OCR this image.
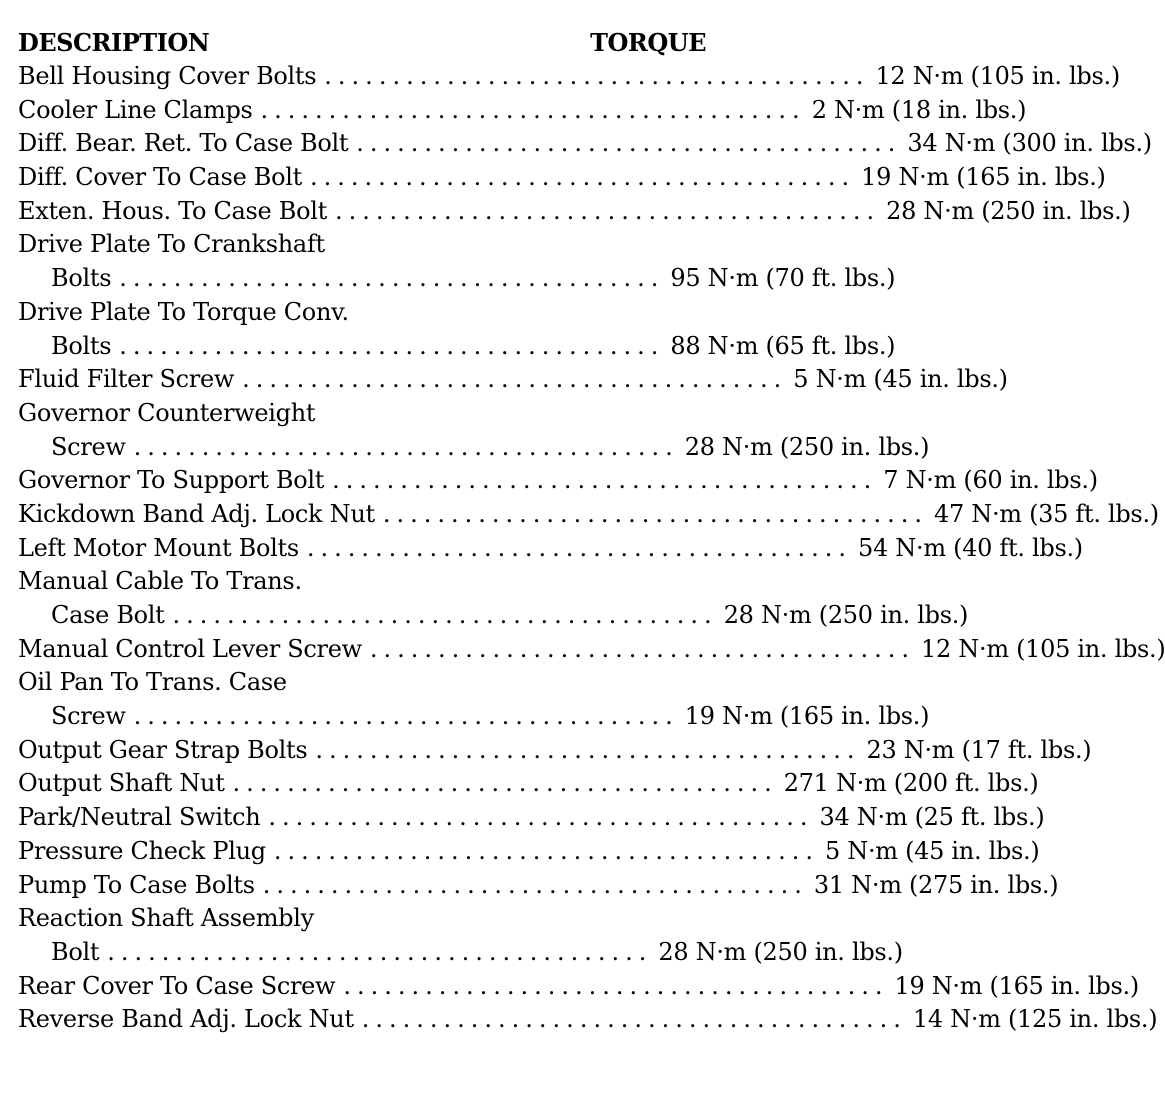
DESCRIPTION	TORQUE
Bell Housing Cover Bolts ........................................ 12 N·m (105 in. lbs.)
Cooler Line Clamps ........................................ 2 N·m (18 in. lbs.)
Diff. Bear. Ret. To Case Bolt ........................................ 34 N·m (300 in. lbs.)
Diff. Cover To Case Bolt ........................................ 19 N·m (165 in. lbs.)
Exten. Hous. To Case Bolt ........................................ 28 N·m (250 in. lbs.)
Drive Plate To Crankshaft
Bolts ........................................ 95 N·m (70 ft. lbs.)
Drive Plate To Torque Conv.
Bolts ........................................ 88 N·m (65 ft. lbs.)
Fluid Filter Screw ........................................ 5 N·m (45 in. lbs.)
Governor Counterweight
Screw ........................................ 28 N·m (250 in. lbs.)
Governor To Support Bolt ........................................ 7 N·m (60 in. lbs.)
Kickdown Band Adj. Lock Nut ........................................ 47 N·m (35 ft. lbs.)
Left Motor Mount Bolts ........................................ 54 N·m (40 ft. lbs.)
Manual Cable To Trans.
Case Bolt ........................................ 28 N·m (250 in. lbs.)
Manual Control Lever Screw ........................................ 12 N·m (105 in. lbs.)
Oil Pan To Trans. Case
Screw ........................................ 19 N·m (165 in. lbs.)
Output Gear Strap Bolts ........................................ 23 N·m (17 ft. lbs.)
Output Shaft Nut ........................................ 271 N·m (200 ft. lbs.)
Park/Neutral Switch ........................................ 34 N·m (25 ft. lbs.)
Pressure Check Plug ........................................ 5 N·m (45 in. lbs.)
Pump To Case Bolts ........................................ 31 N·m (275 in. lbs.)
Reaction Shaft Assembly
Bolt ........................................ 28 N·m (250 in. lbs.)
Rear Cover To Case Screw ........................................ 19 N·m (165 in. lbs.)
Reverse Band Adj. Lock Nut ........................................ 14 N·m (125 in. lbs.)
